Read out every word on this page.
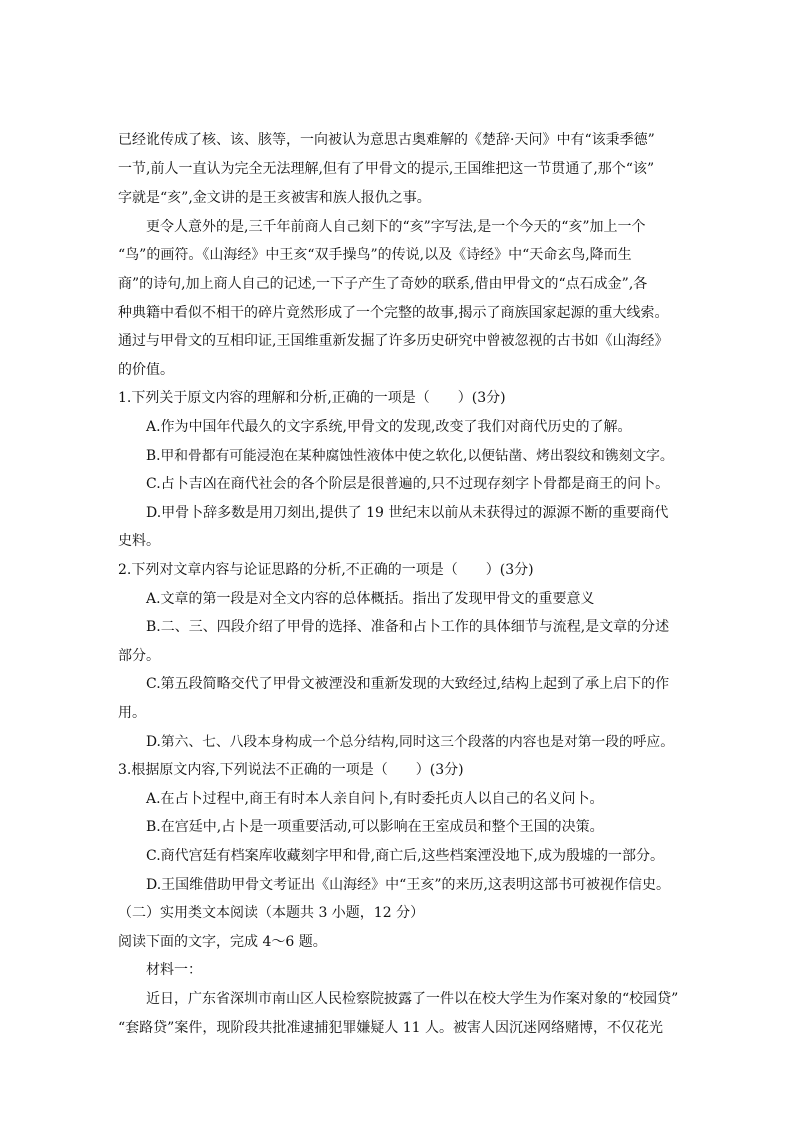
已经讹传成了核、该、胲等，一向被认为意思古奥难解的《楚辞·天问》中有“该秉季德”
一节,前人一直认为完全无法理解,但有了甲骨文的提示,王国维把这一节贯通了,那个“该”
字就是“亥”,金文讲的是王亥被害和族人报仇之事。
更令人意外的是,三千年前商人自己刻下的“亥”字写法,是一个今天的“亥”加上一个
“鸟”的画符。《山海经》中王亥“双手操鸟”的传说,以及《诗经》中“天命玄鸟,降而生
商”的诗句,加上商人自己的记述,一下子产生了奇妙的联系,借由甲骨文的“点石成金”,各
种典籍中看似不相干的碎片竟然形成了一个完整的故事,揭示了商族国家起源的重大线索。
通过与甲骨文的互相印证,王国维重新发掘了许多历史研究中曾被忽视的古书如《山海经》
的价值。
1.下列关于原文内容的理解和分析,正确的一项是（　　）(3分)
A.作为中国年代最久的文字系统,甲骨文的发现,改变了我们对商代历史的了解。
B.甲和骨都有可能浸泡在某种腐蚀性液体中使之软化,以便钻凿、烤出裂纹和镌刻文字。
C.占卜吉凶在商代社会的各个阶层是很普遍的,只不过现存刻字卜骨都是商王的问卜。
D.甲骨卜辞多数是用刀刻出,提供了 19 世纪末以前从未获得过的源源不断的重要商代
史料。
2.下列对文章内容与论证思路的分析,不正确的一项是（　　）(3分)
A.文章的第一段是对全文内容的总体概括。指出了发现甲骨文的重要意义
B.二、三、四段介绍了甲骨的选择、准备和占卜工作的具体细节与流程,是文章的分述
部分。
C.第五段简略交代了甲骨文被湮没和重新发现的大致经过,结构上起到了承上启下的作
用。
D.第六、七、八段本身构成一个总分结构,同时这三个段落的内容也是对第一段的呼应。
3.根据原文内容,下列说法不正确的一项是（　　）(3分)
A.在占卜过程中,商王有时本人亲自问卜,有时委托贞人以自己的名义问卜。
B.在宫廷中,占卜是一项重要活动,可以影响在王室成员和整个王国的决策。
C.商代宫廷有档案库收藏刻字甲和骨,商亡后,这些档案湮没地下,成为殷墟的一部分。
D.王国维借助甲骨文考证出《山海经》中“王亥”的来历,这表明这部书可被视作信史。
（二）实用类文本阅读（本题共 3 小题，12 分）
阅读下面的文字，完成 4～6 题。
材料一：
近日，广东省深圳市南山区人民检察院披露了一件以在校大学生为作案对象的“校园贷”
“套路贷”案件，现阶段共批准逮捕犯罪嫌疑人 11 人。被害人因沉迷网络赌博，不仅花光
